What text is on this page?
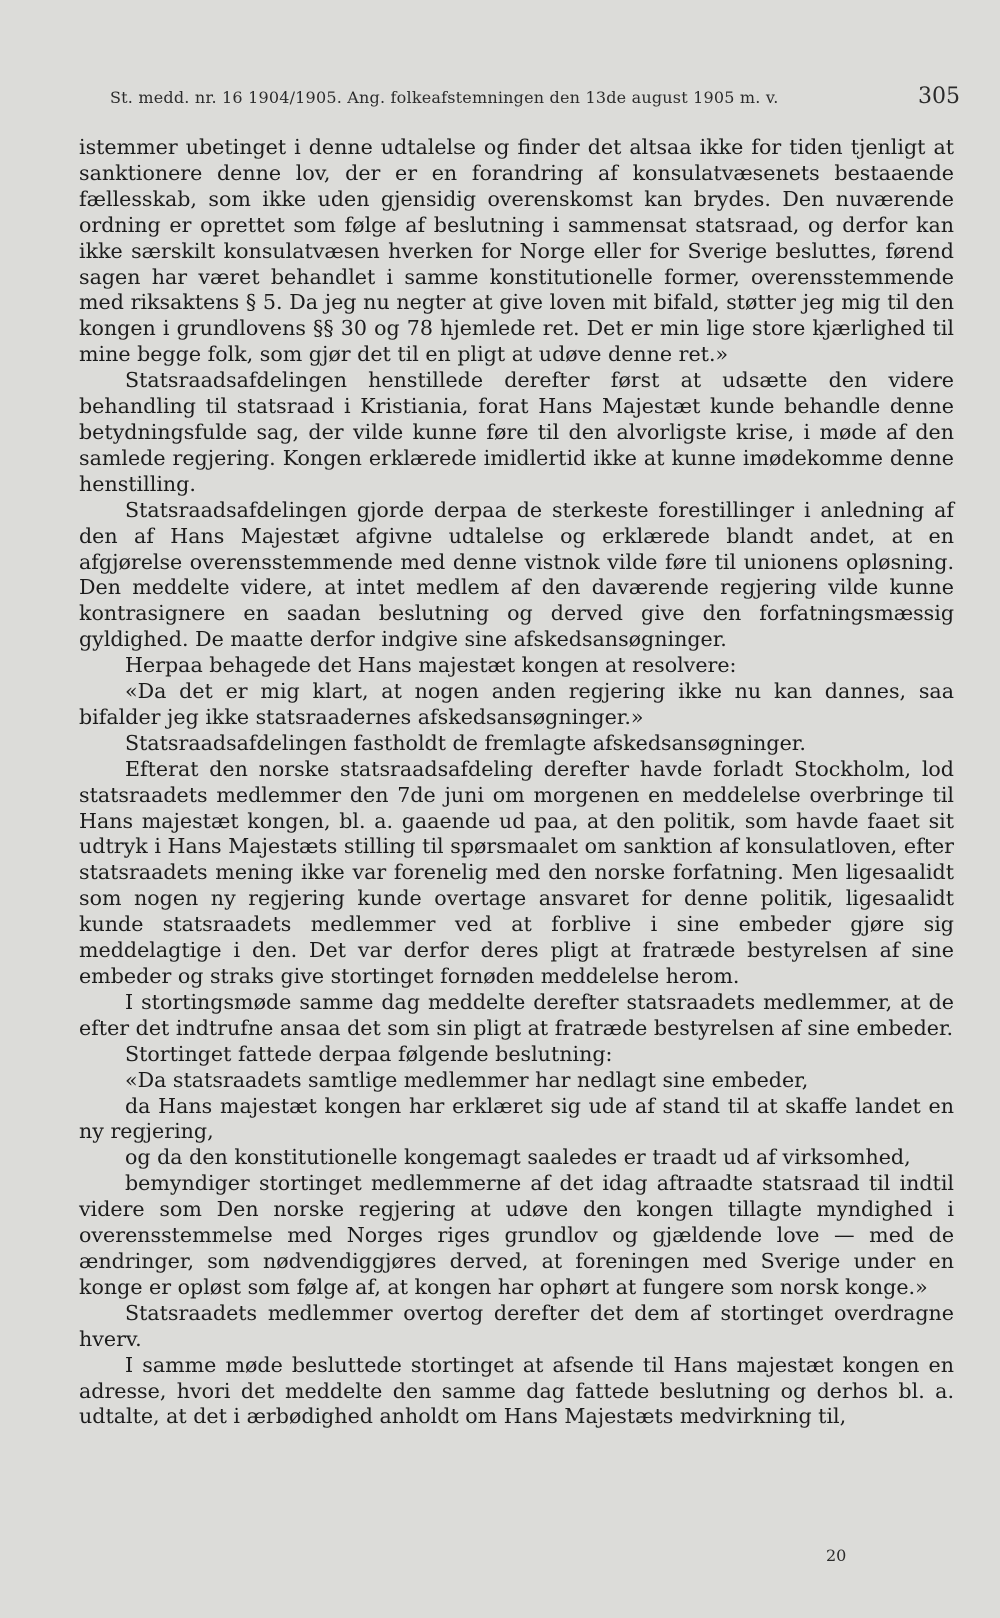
St. medd. nr. 16 1904/1905. Ang. folkeafstemningen den 13de august 1905 m. v.	305

istemmer ubetinget i denne udtalelse og finder det altsaa ikke for tiden tjenligt at sanktionere denne lov, der er en forandring af konsulatvæsenets bestaaende fællesskab, som ikke uden gjensidig overenskomst kan brydes. Den nuværende ordning er oprettet som følge af beslutning i sammensat statsraad, og derfor kan ikke særskilt konsulatvæsen hverken for Norge eller for Sverige besluttes, førend sagen har været behandlet i samme konstitutionelle former, overensstemmende med riksaktens § 5. Da jeg nu negter at give loven mit bifald, støtter jeg mig til den kongen i grundlovens §§ 30 og 78 hjemlede ret. Det er min lige store kjærlighed til mine begge folk, som gjør det til en pligt at udøve denne ret.»

Statsraadsafdelingen henstillede derefter først at udsætte den videre behandling til statsraad i Kristiania, forat Hans Majestæt kunde behandle denne betydningsfulde sag, der vilde kunne føre til den alvorligste krise, i møde af den samlede regjering. Kongen erklærede imidlertid ikke at kunne imødekomme denne henstilling.

Statsraadsafdelingen gjorde derpaa de sterkeste forestillinger i anledning af den af Hans Majestæt afgivne udtalelse og erklærede blandt andet, at en afgjørelse overensstemmende med denne vistnok vilde føre til unionens opløsning. Den meddelte videre, at intet medlem af den daværende regjering vilde kunne kontrasignere en saadan beslutning og derved give den forfatningsmæssig gyldighed. De maatte derfor indgive sine afskedsansøgninger.

Herpaa behagede det Hans majestæt kongen at resolvere:

«Da det er mig klart, at nogen anden regjering ikke nu kan dannes, saa bifalder jeg ikke statsraadernes afskedsansøgninger.»

Statsraadsafdelingen fastholdt de fremlagte afskedsansøgninger.

Efterat den norske statsraadsafdeling derefter havde forladt Stockholm, lod statsraadets medlemmer den 7de juni om morgenen en meddelelse overbringe til Hans majestæt kongen, bl. a. gaaende ud paa, at den politik, som havde faaet sit udtryk i Hans Majestæts stilling til spørsmaalet om sanktion af konsulatloven, efter statsraadets mening ikke var forenelig med den norske forfatning. Men ligesaalidt som nogen ny regjering kunde overtage ansvaret for denne politik, ligesaalidt kunde statsraadets medlemmer ved at forblive i sine embeder gjøre sig meddelagtige i den. Det var derfor deres pligt at fratræde bestyrelsen af sine embeder og straks give stortinget fornøden meddelelse herom.

I stortingsmøde samme dag meddelte derefter statsraadets medlemmer, at de efter det indtrufne ansaa det som sin pligt at fratræde bestyrelsen af sine embeder.

Stortinget fattede derpaa følgende beslutning:

«Da statsraadets samtlige medlemmer har nedlagt sine embeder,

da Hans majestæt kongen har erklæret sig ude af stand til at skaffe landet en ny regjering,

og da den konstitutionelle kongemagt saaledes er traadt ud af virksomhed,

bemyndiger stortinget medlemmerne af det idag aftraadte statsraad til indtil videre som Den norske regjering at udøve den kongen tillagte myndighed i overensstemmelse med Norges riges grundlov og gjældende love — med de ændringer, som nødvendiggjøres derved, at foreningen med Sverige under en konge er opløst som følge af, at kongen har ophørt at fungere som norsk konge.»

Statsraadets medlemmer overtog derefter det dem af stortinget overdragne hverv.

I samme møde besluttede stortinget at afsende til Hans majestæt kongen en adresse, hvori det meddelte den samme dag fattede beslutning og derhos bl. a. udtalte, at det i ærbødighed anholdt om Hans Majestæts medvirkning til,

20
